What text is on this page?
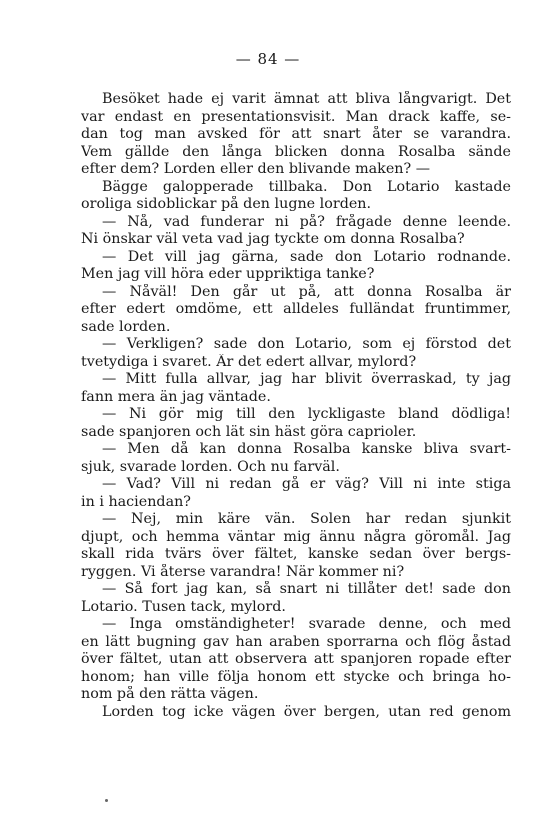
— 84 —
Besöket hade ej varit ämnat att bliva långvarigt. Det
var endast en presentationsvisit. Man drack kaffe, se-
dan tog man avsked för att snart åter se varandra.
Vem gällde den långa blicken donna Rosalba sände
efter dem? Lorden eller den blivande maken? —
Bägge galopperade tillbaka. Don Lotario kastade
oroliga sidoblickar på den lugne lorden.
— Nå, vad funderar ni på? frågade denne leende.
Ni önskar väl veta vad jag tyckte om donna Rosalba?
— Det vill jag gärna, sade don Lotario rodnande.
Men jag vill höra eder uppriktiga tanke?
— Nåväl! Den går ut på, att donna Rosalba är
efter edert omdöme, ett alldeles fulländat fruntimmer,
sade lorden.
— Verkligen? sade don Lotario, som ej förstod det
tvetydiga i svaret. Är det edert allvar, mylord?
— Mitt fulla allvar, jag har blivit överraskad, ty jag
fann mera än jag väntade.
— Ni gör mig till den lyckligaste bland dödliga!
sade spanjoren och lät sin häst göra caprioler.
— Men då kan donna Rosalba kanske bliva svart-
sjuk, svarade lorden. Och nu farväl.
— Vad? Vill ni redan gå er väg? Vill ni inte stiga
in i haciendan?
— Nej, min käre vän. Solen har redan sjunkit
djupt, och hemma väntar mig ännu några göromål. Jag
skall rida tvärs över fältet, kanske sedan över bergs-
ryggen. Vi återse varandra! När kommer ni?
— Så fort jag kan, så snart ni tillåter det! sade don
Lotario. Tusen tack, mylord.
— Inga omständigheter! svarade denne, och med
en lätt bugning gav han araben sporrarna och flög åstad
över fältet, utan att observera att spanjoren ropade efter
honom; han ville följa honom ett stycke och bringa ho-
nom på den rätta vägen.
Lorden tog icke vägen över bergen, utan red genom
